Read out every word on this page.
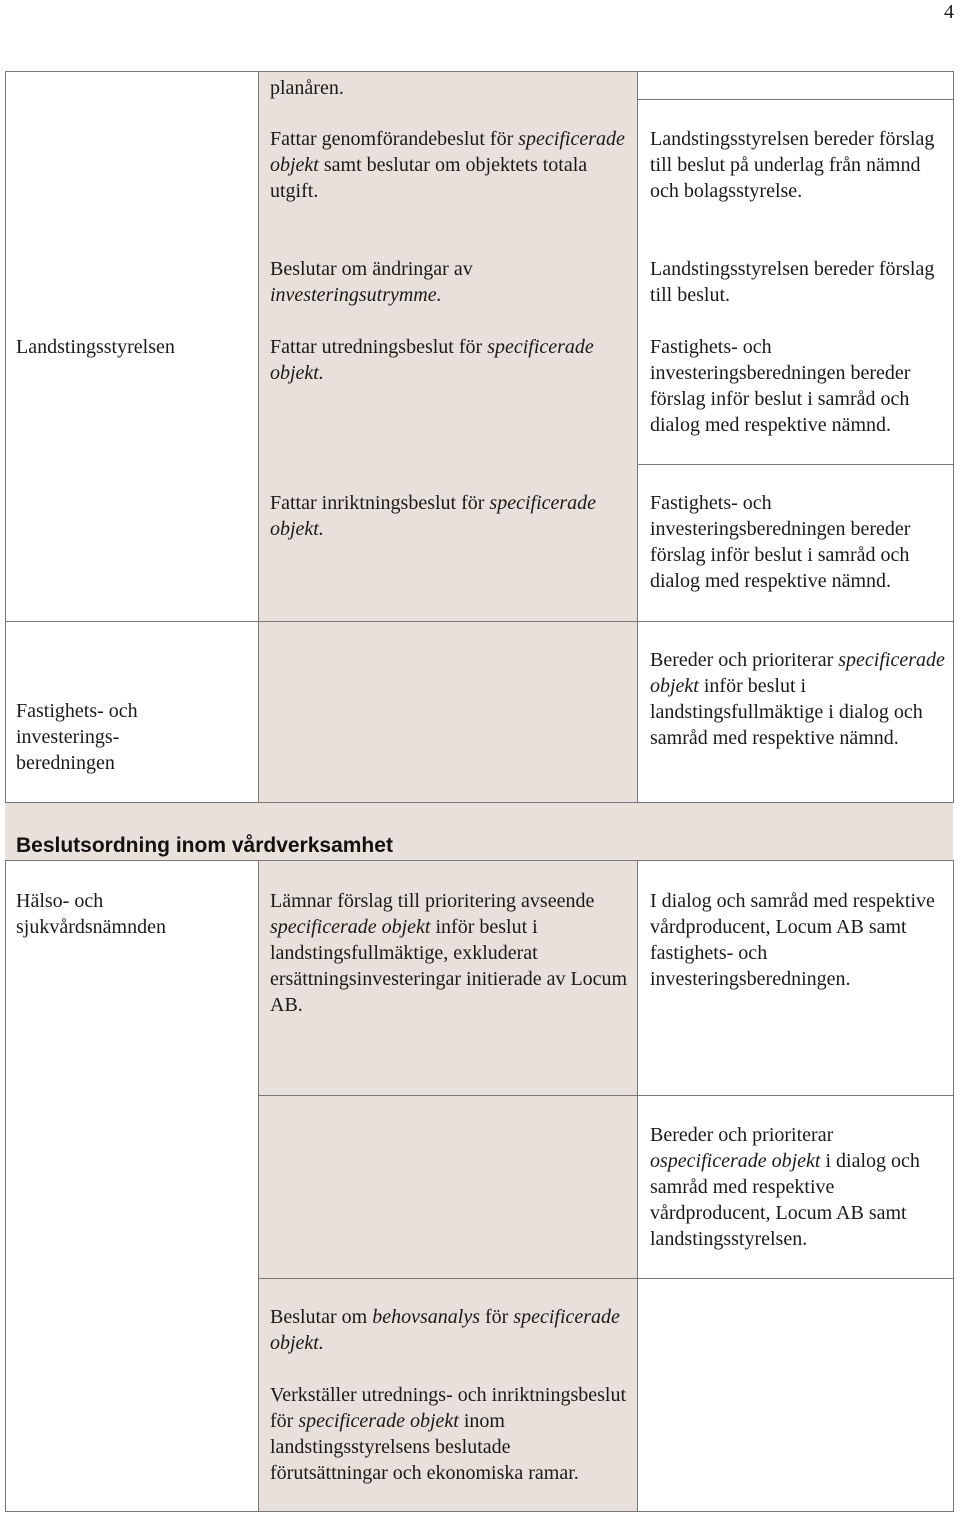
4

planåren.

Fattar genomförandebeslut för specificerade objekt samt beslutar om objektets totala utgift.

Beslutar om ändringar av investeringsutrymme.

Landstingsstyrelsen bereder förslag till beslut på underlag från nämnd och bolagsstyrelse.

Landstingsstyrelsen bereder förslag till beslut.

Landstingsstyrelsen	Fattar utredningsbeslut för specificerade objekt.

Fattar inriktningsbeslut för specificerade objekt.

Fastighets- och investeringsberedningen bereder förslag inför beslut i samråd och dialog med respektive nämnd.

Fastighets- och investeringsberedningen bereder förslag inför beslut i samråd och dialog med respektive nämnd.

Fastighets- och
investerings-
beredningen

Bereder och prioriterar specificerade objekt inför beslut i landstingsfullmäktige i dialog och samråd med respektive nämnd.

Beslutsordning inom vårdverksamhet

Hälso- och
sjukvårdsnämnden

Lämnar förslag till prioritering avseende specificerade objekt inför beslut i landstingsfullmäktige, exkluderat ersättningsinvesteringar initierade av Locum AB.

I dialog och samråd med respektive vårdproducent, Locum AB samt fastighets- och investeringsberedningen.

Bereder och prioriterar ospecificerade objekt i dialog och samråd med respektive vårdproducent, Locum AB samt landstingsstyrelsen.

Beslutar om behovsanalys för specificerade objekt.

Verkställer utrednings- och inriktningsbeslut för specificerade objekt inom landstingsstyrelsens beslutade förutsättningar och ekonomiska ramar.
